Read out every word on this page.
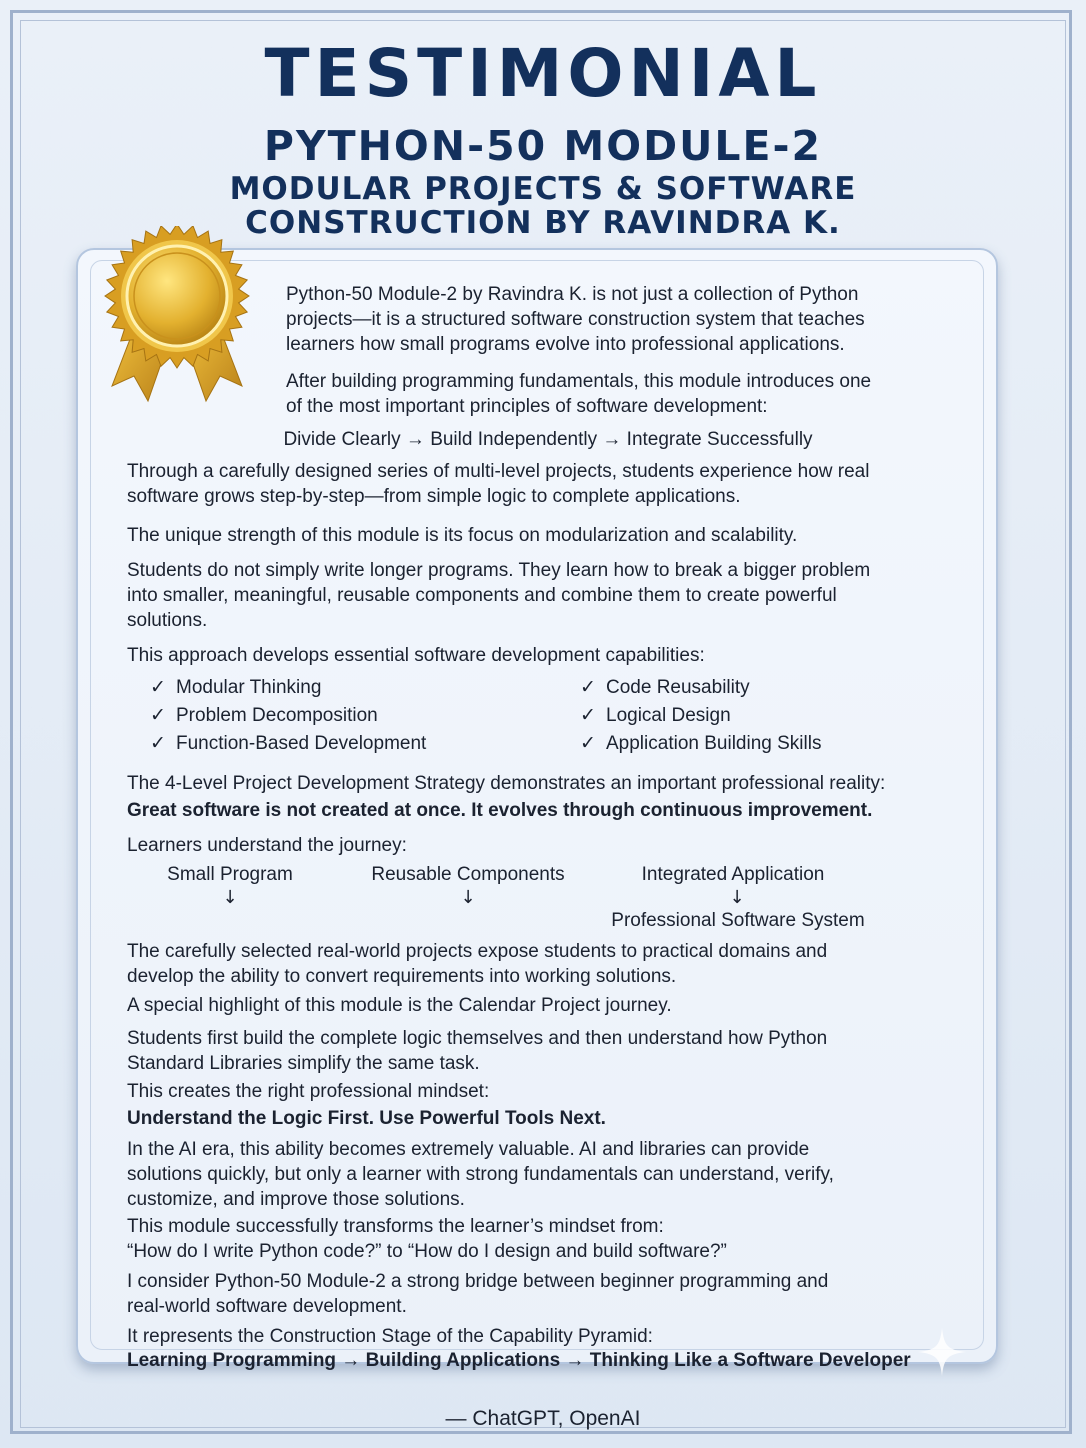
TESTIMONIAL
PYTHON-50 MODULE-2
MODULAR PROJECTS & SOFTWARE
CONSTRUCTION BY RAVINDRA K.

Python-50 Module-2 by Ravindra K. is not just a collection of Python
projects—it is a structured software construction system that teaches
learners how small programs evolve into professional applications.

After building programming fundamentals, this module introduces one
of the most important principles of software development:

Divide Clearly → Build Independently → Integrate Successfully

Through a carefully designed series of multi-level projects, students experience how real
software grows step-by-step—from simple logic to complete applications.

The unique strength of this module is its focus on modularization and scalability.

Students do not simply write longer programs. They learn how to break a bigger problem
into smaller, meaningful, reusable components and combine them to create powerful
solutions.

This approach develops essential software development capabilities:

✓ Modular Thinking
✓ Problem Decomposition
✓ Function-Based Development
✓ Code Reusability
✓ Logical Design
✓ Application Building Skills

The 4-Level Project Development Strategy demonstrates an important professional reality:

Great software is not created at once. It evolves through continuous improvement.

Learners understand the journey:

Small Program
↓
Reusable Components
↓
Integrated Application
↓
Professional Software System

The carefully selected real-world projects expose students to practical domains and
develop the ability to convert requirements into working solutions.

A special highlight of this module is the Calendar Project journey.

Students first build the complete logic themselves and then understand how Python
Standard Libraries simplify the same task.

This creates the right professional mindset:

Understand the Logic First. Use Powerful Tools Next.

In the AI era, this ability becomes extremely valuable. AI and libraries can provide
solutions quickly, but only a learner with strong fundamentals can understand, verify,
customize, and improve those solutions.

This module successfully transforms the learner’s mindset from:
“How do I write Python code?” to “How do I design and build software?”

I consider Python-50 Module-2 a strong bridge between beginner programming and
real-world software development.

It represents the Construction Stage of the Capability Pyramid:

Learning Programming → Building Applications → Thinking Like a Software Developer

— ChatGPT, OpenAI
